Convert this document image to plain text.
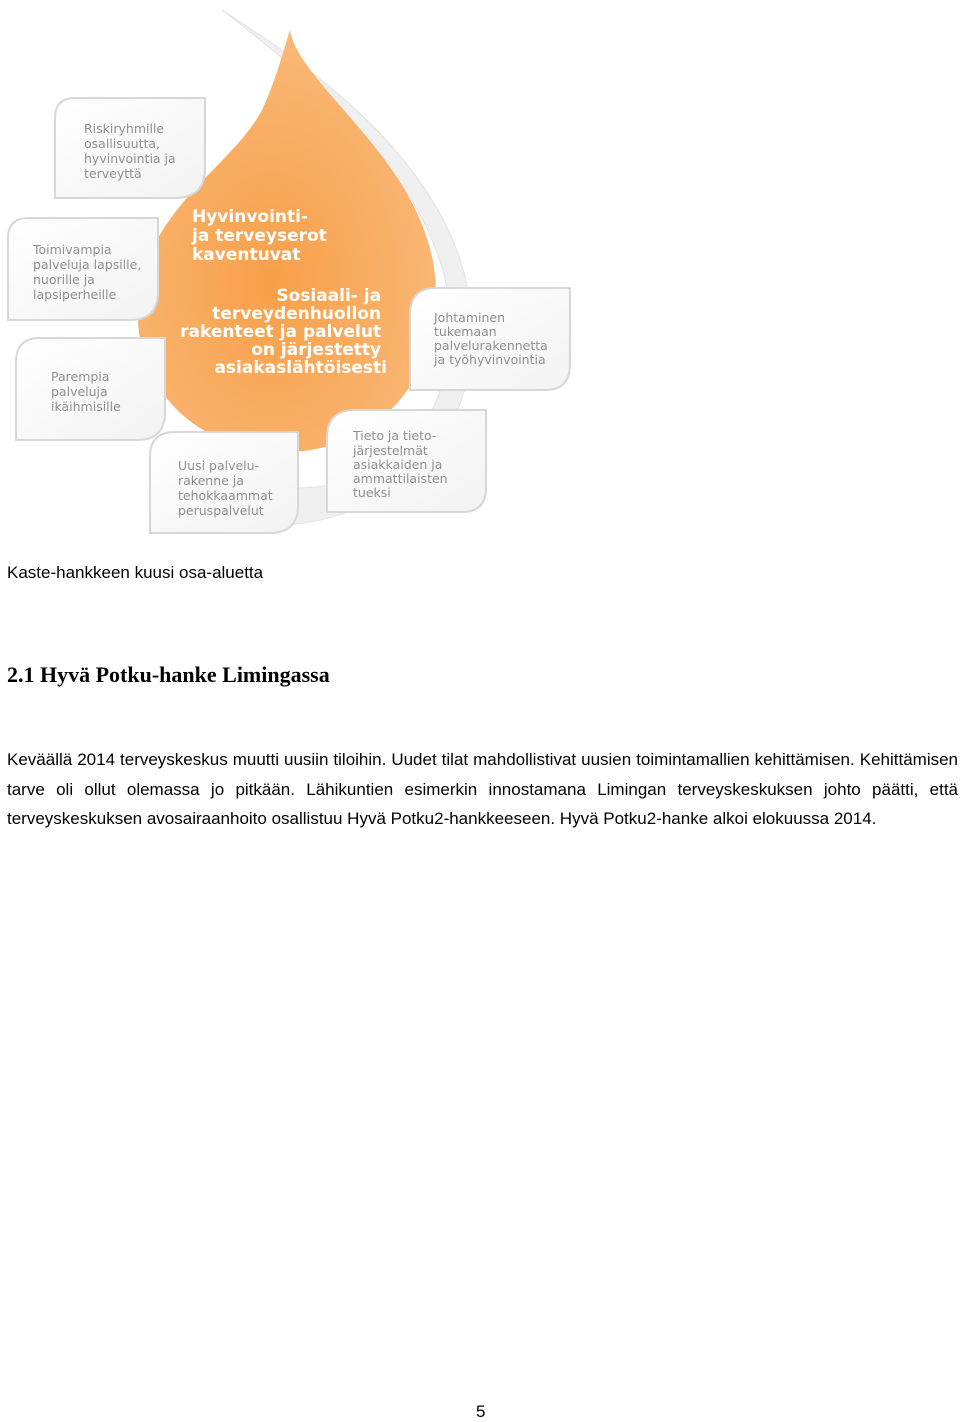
Hyvinvointi- ja terveyserot kaventuvat
Sosiaali- ja terveydenhuollon rakenteet ja palvelut on järjestetty asiakaslähtöisesti
Riskiryhmille osallisuutta, hyvinvointia ja terveyttä
Toimivampia palveluja lapsille, nuorille ja lapsiperheille
Parempia palveluja ikäihmisille
Uusi palvelu- rakenne ja tehokkaammat peruspalvelut
Tieto ja tieto- järjestelmät asiakkaiden ja ammattilaisten tueksi
Johtaminen tukemaan palvelurakennetta ja työhyvinvointia
Kaste-hankkeen kuusi osa-aluetta
2.1 Hyvä Potku-hanke Limingassa

Keväällä 2014 terveyskeskus muutti uusiin tiloihin. Uudet tilat mahdollistivat uusien toimintamallien kehittämisen. Kehittämisen tarve oli ollut olemassa jo pitkään. Lähikuntien esimerkin innostamana Limingan terveyskeskuksen johto päätti, että terveyskeskuksen avosairaanhoito osallistuu Hyvä Potku2-hankkeeseen. Hyvä Potku2-hanke alkoi elokuussa 2014.

5
